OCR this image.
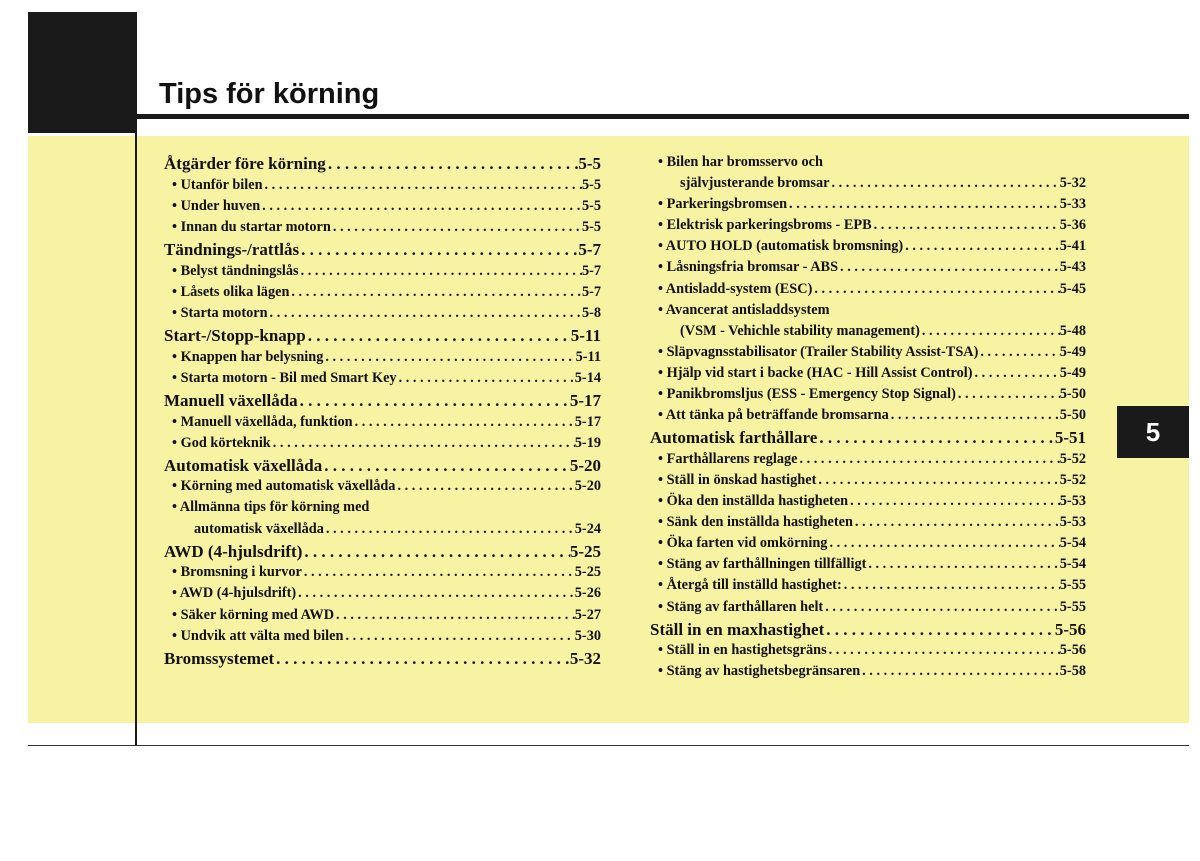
Tips för körning
5
Åtgärder före körning . . .	5-5
• Utanför bilen . . .	5-5
• Under huven . . .	5-5
• Innan du startar motorn . . .	5-5
Tändnings-/rattlås . . .	5-7
• Belyst tändningslås . . .	5-7
• Låsets olika lägen . . .	5-7
• Starta motorn . . .	5-8
Start-/Stopp-knapp . . .	5-11
• Knappen har belysning . . .	5-11
• Starta motorn - Bil med Smart Key . . .	5-14
Manuell växellåda . . .	5-17
• Manuell växellåda, funktion . . .	5-17
• God körteknik . . .	5-19
Automatisk växellåda . . .	5-20
• Körning med automatisk växellåda . . .	5-20
• Allmänna tips för körning med
automatisk växellåda . . .	5-24
AWD (4-hjulsdrift) . . .	5-25
• Bromsning i kurvor . . .	5-25
• AWD (4-hjulsdrift) . . .	5-26
• Säker körning med AWD . . .	5-27
• Undvik att välta med bilen . . .	5-30
Bromssystemet . . .	5-32
• Bilen har bromsservo och
självjusterande bromsar . . .	5-32
• Parkeringsbromsen . . .	5-33
• Elektrisk parkeringsbroms - EPB . . .	5-36
• AUTO HOLD (automatisk bromsning) . . .	5-41
• Låsningsfria bromsar - ABS . . .	5-43
• Antisladd-system (ESC) . . .	5-45
• Avancerat antisladdsystem
(VSM - Vehichle stability management) . . .	5-48
• Släpvagnsstabilisator (Trailer Stability Assist-TSA) . . .	5-49
• Hjälp vid start i backe (HAC - Hill Assist Control) . . .	5-49
• Panikbromsljus (ESS - Emergency Stop Signal) . . .	5-50
• Att tänka på beträffande bromsarna . . .	5-50
Automatisk farthållare . . .	5-51
• Farthållarens reglage . . .	5-52
• Ställ in önskad hastighet . . .	5-52
• Öka den inställda hastigheten . . .	5-53
• Sänk den inställda hastigheten . . .	5-53
• Öka farten vid omkörning . . .	5-54
• Stäng av farthållningen tillfälligt . . .	5-54
• Återgå till inställd hastighet: . . .	5-55
• Stäng av farthållaren helt . . .	5-55
Ställ in en maxhastighet . . .	5-56
• Ställ in en hastighetsgräns . . .	5-56
• Stäng av hastighetsbegränsaren . . .	5-58
